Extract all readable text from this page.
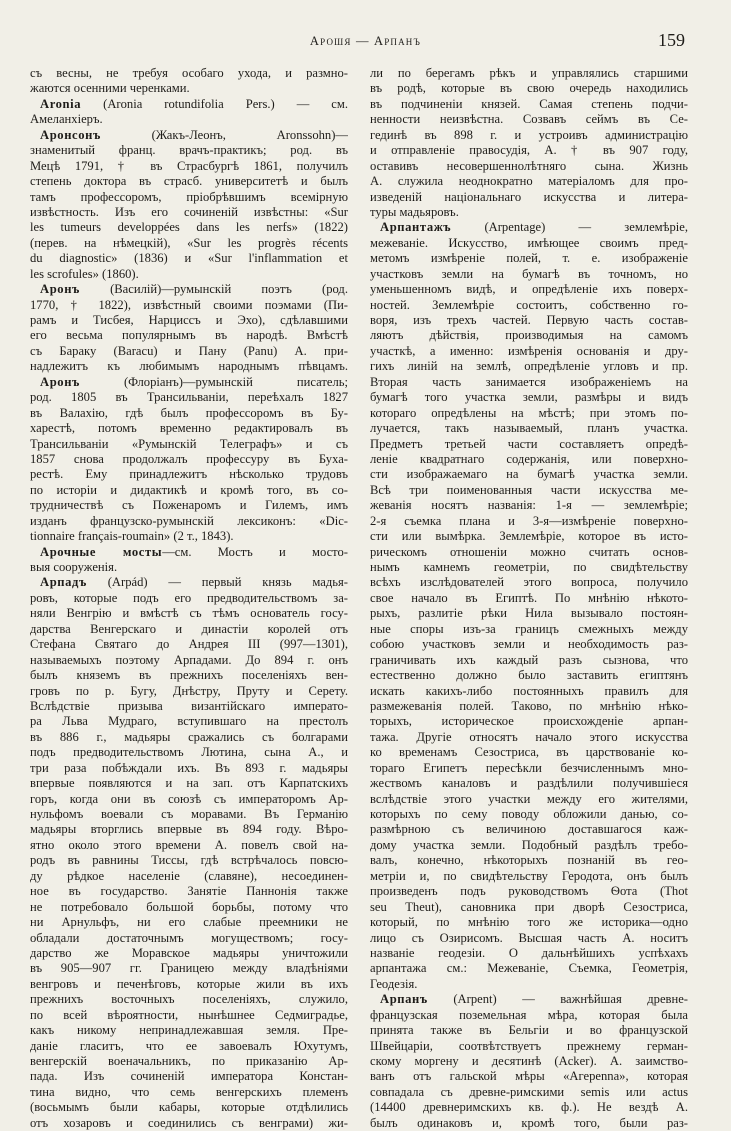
Арошя — Арпанъ	159
съ весны, не требуя особаго ухода, и размно-
жаются осенними черенками.
Aronia (Aronia rotundifolia Pers.) — см.
Амеланхіеръ.
Аронсонъ (Жакъ-Леонъ, Aronssohn)—
знаменитый франц. врачъ-практикъ; род. въ
Мецѣ 1791, † въ Страсбургѣ 1861, получилъ
степень доктора въ страсб. университетѣ и былъ
тамъ профессоромъ, пріобрѣвшимъ всемірную
извѣстность. Изъ его сочиненій извѣстны: «Sur
les tumeurs developpées dans les nerfs» (1822)
(перев. на нѣмецкій), «Sur les progrès récents
du diagnostic» (1836) и «Sur l'inflammation et
les scrofules» (1860).
Аронъ (Василій)—румынскій поэтъ (род.
1770, † 1822), извѣстный своими поэмами (Пи-
рамъ и Тисбея, Нарциссъ и Эхо), сдѣлавшими
его весьма популярнымъ въ народѣ. Вмѣстѣ
съ Бараку (Baracu) и Пану (Panu) А. при-
надлежитъ къ любимымъ народнымъ пѣвцамъ.
Аронъ (Флоріанъ)—румынскій писатель;
род. 1805 въ Трансильваніи, переѣхалъ 1827
въ Валахію, гдѣ былъ профессоромъ въ Бу-
харестѣ, потомъ временно редактировалъ въ
Трансильваніи «Румынскій Телеграфъ» и съ
1857 снова продолжалъ профессуру въ Буха-
рестѣ. Ему принадлежитъ нѣсколько трудовъ
по исторіи и дидактикѣ и кромѣ того, въ со-
трудничествѣ съ Поженаромъ и Гилемъ, имъ
изданъ французско-румынскій лексиконъ: «Dic-
tionnaire français-roumain» (2 т., 1843).
Арочные мосты—см. Мостъ и мосто-
выя сооруженія.
Арпадъ (Arpád) — первый князь мадья-
ровъ, которые подъ его предводительствомъ за-
няли Венгрію и вмѣстѣ съ тѣмъ основатель госу-
дарства Венгерскаго и династіи королей отъ
Стефана Святаго до Андрея III (997—1301),
называемыхъ поэтому Арпадами. До 894 г. онъ
былъ княземъ въ прежнихъ поселеніяхъ вен-
гровъ по р. Бугу, Днѣстру, Пруту и Серету.
Вслѣдствіе призыва византійскаго императо-
ра Льва Мудраго, вступившаго на престолъ
въ 886 г., мадьяры сражались съ болгарами
подъ предводительствомъ Лютина, сына А., и
три раза побѣждали ихъ. Въ 893 г. мадьяры
впервые появляются и на зап. отъ Карпатскихъ
горъ, когда они въ союзѣ съ императоромъ Ар-
нульфомъ воевали съ моравами. Въ Германію
мадьяры вторглись впервые въ 894 году. Вѣро-
ятно около этого времени А. повелъ свой на-
родъ въ равнины Тиссы, гдѣ встрѣчалось повсю-
ду рѣдкое населеніе (славяне), несоединен-
ное въ государство. Занятіе Паннонія также
не потребовало большой борьбы, потому что
ни Арнульфъ, ни его слабые преемники не
обладали достаточнымъ могуществомъ; госу-
дарство же Моравское мадьяры уничтожили
въ 905—907 гг. Границею между владѣніями
венгровъ и печенѣговъ, которые жили въ ихъ
прежнихъ восточныхъ поселеніяхъ, служило,
по всей вѣроятности, нынѣшнее Седмиградье,
какъ никому непринадлежавшая земля. Пре-
даніе гласитъ, что ее завоевалъ Юхутумъ,
венгерскій военачальникъ, по приказанію Ар-
пада. Изъ сочиненій императора Констан-
тина видно, что семь венгерскихъ племенъ
(восьмымъ были кабары, которые отдѣлились
отъ хозаровъ и соединились съ венграми) жи-
ли по берегамъ рѣкъ и управлялись старшими
въ родѣ, которые въ свою очередь находились
въ подчиненіи князей. Самая степень подчи-
ненности неизвѣстна. Созвавъ сеймъ въ Се-
гединѣ въ 898 г. и устроивъ администрацію
и отправленіе правосудія, А. † въ 907 году,
оставивъ несовершеннолѣтняго сына. Жизнь
А. служила неоднократно матеріаломъ для про-
изведеній національнаго искусства и литера-
туры мадьяровъ.
Арпантажъ (Arpentage) — землемѣріе,
межеваніе. Искусство, имѣющее своимъ пред-
метомъ измѣреніе полей, т. е. изображеніе
участковъ земли на бумагѣ въ точномъ, но
уменьшенномъ видѣ, и опредѣленіе ихъ поверх-
ностей. Землемѣріе состоитъ, собственно го-
воря, изъ трехъ частей. Первую часть состав-
ляютъ дѣйствія, производимыя на самомъ
участкѣ, а именно: измѣренія основанія и дру-
гихъ линій на землѣ, опредѣленіе угловъ и пр.
Вторая часть занимается изображеніемъ на
бумагѣ того участка земли, размѣры и видъ
котораго опредѣлены на мѣстѣ; при этомъ по-
лучается, такъ называемый, планъ участка.
Предметъ третьей части составляетъ опредѣ-
леніе квадратнаго содержанія, или поверхно-
сти изображаемаго на бумагѣ участка земли.
Всѣ три поименованныя части искусства ме-
жеванія носятъ названія: 1-я — землемѣріе;
2-я съемка плана и 3-я—измѣреніе поверхно-
сти или вымѣрка. Землемѣріе, которое въ исто-
рическомъ отношеніи можно считать основ-
нымъ камнемъ геометріи, по свидѣтельству
всѣхъ изслѣдователей этого вопроса, получило
свое начало въ Египтѣ. По мнѣнію нѣкото-
рыхъ, разлитіе рѣки Нила вызывало постоян-
ные споры изъ-за границъ смежныхъ между
собою участковъ земли и необходимость раз-
граничивать ихъ каждый разъ сызнова, что
естественно должно было заставить египтянъ
искать какихъ-либо постоянныхъ правилъ для
размежеванія полей. Таково, по мнѣнію нѣко-
торыхъ, историческое происхожденіе арпан-
тажа. Другіе относятъ начало этого искусства
ко временамъ Сезостриса, въ царствованіе ко-
тораго Египетъ пересѣкли безчисленнымъ мно-
жествомъ каналовъ и раздѣлили получившіеся
вслѣдствіе этого участки между его жителями,
которыхъ по сему поводу обложили данью, со-
размѣрною съ величиною доставшагося каж-
дому участка земли. Подобный раздѣлъ требо-
валъ, конечно, нѣкоторыхъ познаній въ гео-
метріи и, по свидѣтельству Геродота, онъ былъ
произведенъ подъ руководствомъ Ѳота (Thot
seu Theut), сановника при дворѣ Сезостриса,
который, по мнѣнію того же историка—одно
лицо съ Озирисомъ. Высшая часть А. носитъ
названіе геодезіи. О дальнѣйшихъ успѣхахъ
арпантажа см.: Межеваніе, Съемка, Геометрія,
Геодезія.
Арпанъ (Arpent) — важнѣйшая древне-
французская поземельная мѣра, которая была
принята также въ Бельгіи и во французской
Швейцаріи, соотвѣтствуетъ прежнему герман-
скому моргену и десятинѣ (Acker). А. заимство-
ванъ отъ гальской мѣры «Aгерenna», которая
совпадала съ древне-римскими semis или actus
(14400 древнеримскихъ кв. ф.). Не вездѣ А.
былъ одинаковъ и, кромѣ того, были раз-
